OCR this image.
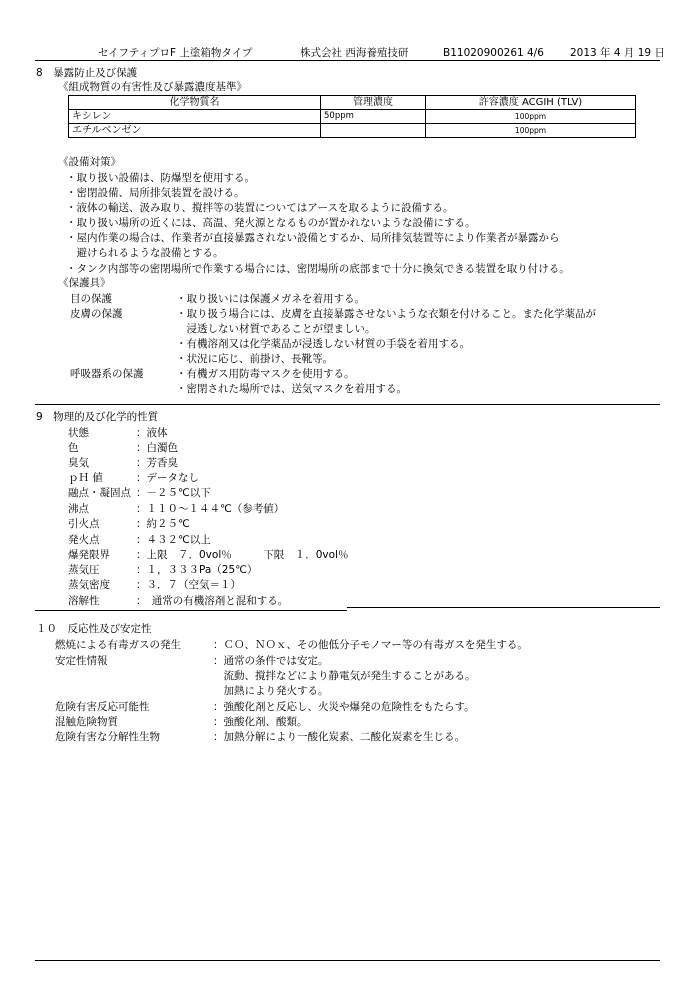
セイフティプロF 上塗箱物タイプ	株式会社 西海養殖技研	B11020900261 4/6 2013 年 4 月 19 日
8　暴露防止及び保護
《組成物質の有害性及び暴露濃度基準》
化学物質名	管理濃度	許容濃度 ACGIH (TLV)
キシレン	50ppm	100ppm
エチルベンゼン		100ppm
《設備対策》
・取り扱い設備は、防爆型を使用する。
・密閉設備、局所排気装置を設ける。
・液体の輸送、汲み取り、撹拌等の装置についてはアースを取るように設備する。
・取り扱い場所の近くには、高温、発火源となるものが置かれないような設備にする。
・屋内作業の場合は、作業者が直接暴露されない設備とするか、局所排気装置等により作業者が暴露から
　避けられるような設備とする。
・タンク内部等の密閉場所で作業する場合には、密閉場所の底部まで十分に換気できる装置を取り付ける。
《保護具》
目の保護	・取り扱いには保護メガネを着用する。
皮膚の保護	・取り扱う場合には、皮膚を直接暴露させないような衣類を付けること。また化学薬品が
　浸透しない材質であることが望ましい。
・有機溶剤又は化学薬品が浸透しない材質の手袋を着用する。
・状況に応じ、前掛け、長靴等。
呼吸器系の保護	・有機ガス用防毒マスクを使用する。
・密閉された場所では、送気マスクを着用する。
9　物理的及び化学的性質
状態	：液体
色	：白濁色
臭気	：芳香臭
ｐＨ 値	：データなし
融点・凝固点 ：－２５℃以下
沸点	：１１０～１４４℃（参考値）
引火点	：約２５℃
発火点	：４３２℃以上
爆発限界 ：上限　７．0vol％　　　下限　１．0vol％
蒸気圧	：１，３３３Pa（25℃）
蒸気密度 ：３．７（空気＝１）
溶解性	：　通常の有機溶剤と混和する。
１０　反応性及び安定性
燃焼による有毒ガスの発生	：ＣＯ、ＮＯｘ、その他低分子モノマー等の有毒ガスを発生する。
安定性情報	：通常の条件では安定。
　流動、撹拌などにより静電気が発生することがある。
　加熱により発火する。
危険有害反応可能性	：強酸化剤と反応し、火災や爆発の危険性をもたらす。
混触危険物質	：強酸化剤、酸類。
危険有害な分解性生物	：加熱分解により一酸化炭素、二酸化炭素を生じる。
